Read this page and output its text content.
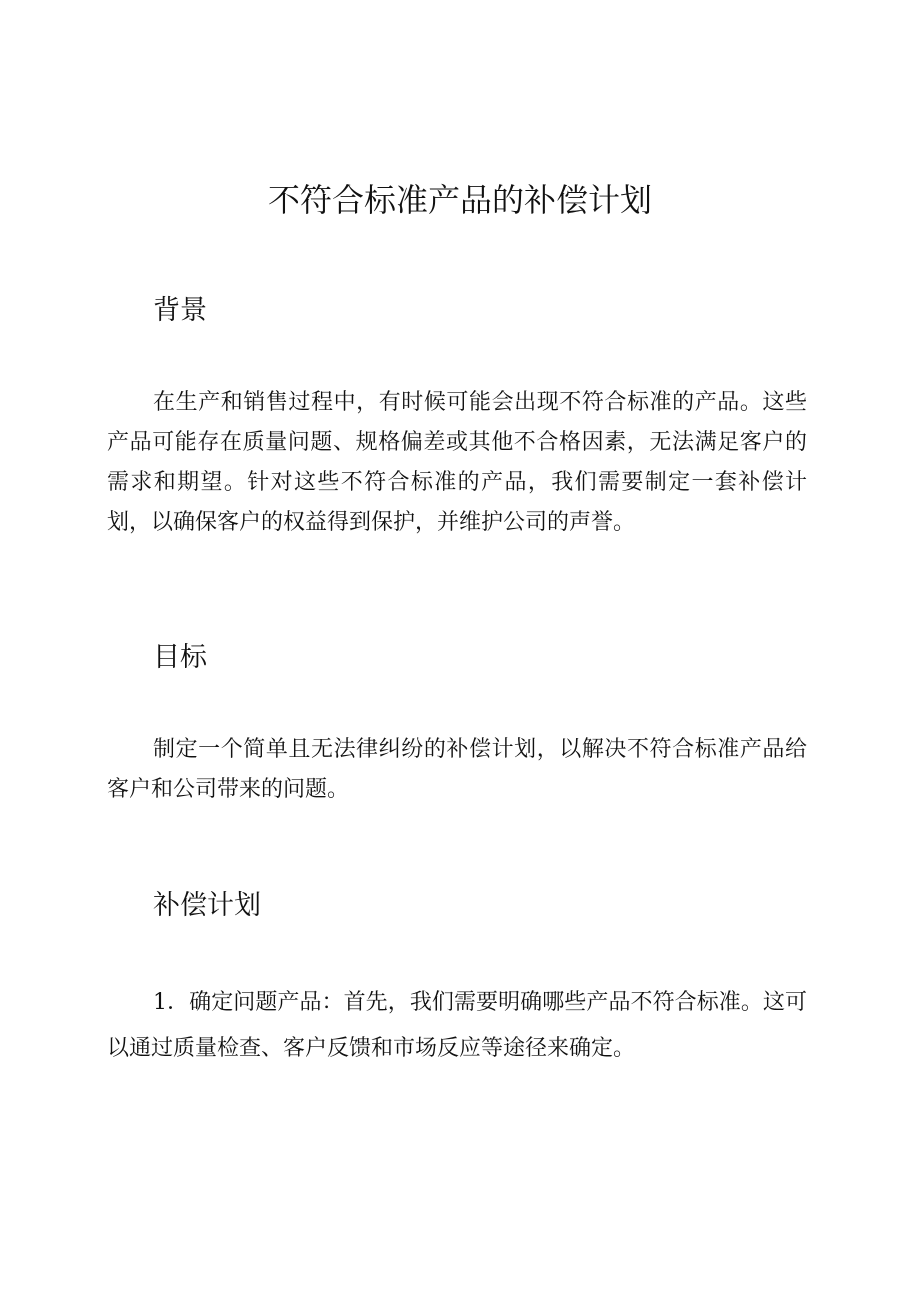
不符合标准产品的补偿计划
背景

在生产和销售过程中，有时候可能会出现不符合标准的产品。这些产品可能存在质量问题、规格偏差或其他不合格因素，无法满足客户的需求和期望。针对这些不符合标准的产品，我们需要制定一套补偿计划，以确保客户的权益得到保护，并维护公司的声誉。

目标

制定一个简单且无法律纠纷的补偿计划，以解决不符合标准产品给客户和公司带来的问题。

补偿计划

1．确定问题产品：首先，我们需要明确哪些产品不符合标准。这可以通过质量检查、客户反馈和市场反应等途径来确定。
